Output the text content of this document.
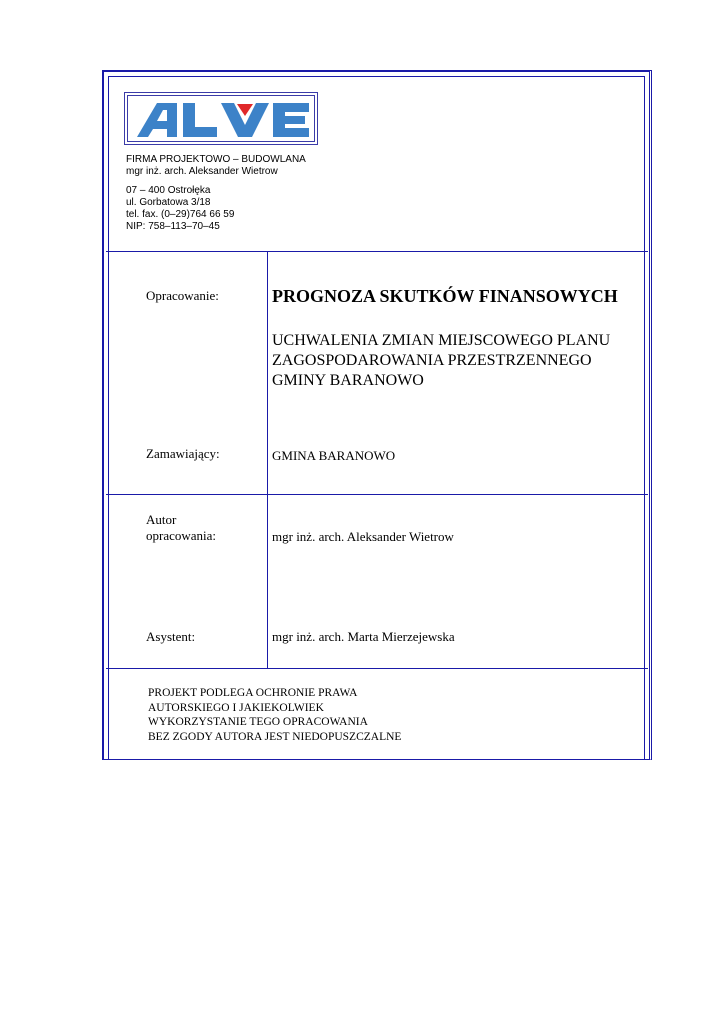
FIRMA PROJEKTOWO – BUDOWLANA
mgr inż. arch. Aleksander Wietrow
07 – 400 Ostrołęka
ul. Gorbatowa 3/18
tel. fax. (0–29)764 66 59
NIP: 758–113–70–45
Opracowanie:	PROGNOZA SKUTKÓW FINANSOWYCH
UCHWALENIA ZMIAN MIEJSCOWEGO PLANU ZAGOSPODAROWANIA PRZESTRZENNEGO GMINY BARANOWO
Zamawiający:	GMINA BARANOWO
Autor opracowania:	mgr inż. arch. Aleksander Wietrow
Asystent:	mgr inż. arch. Marta Mierzejewska
PROJEKT PODLEGA OCHRONIE PRAWA
AUTORSKIEGO I JAKIEKOLWIEK
WYKORZYSTANIE TEGO OPRACOWANIA
BEZ ZGODY AUTORA JEST NIEDOPUSZCZALNE
